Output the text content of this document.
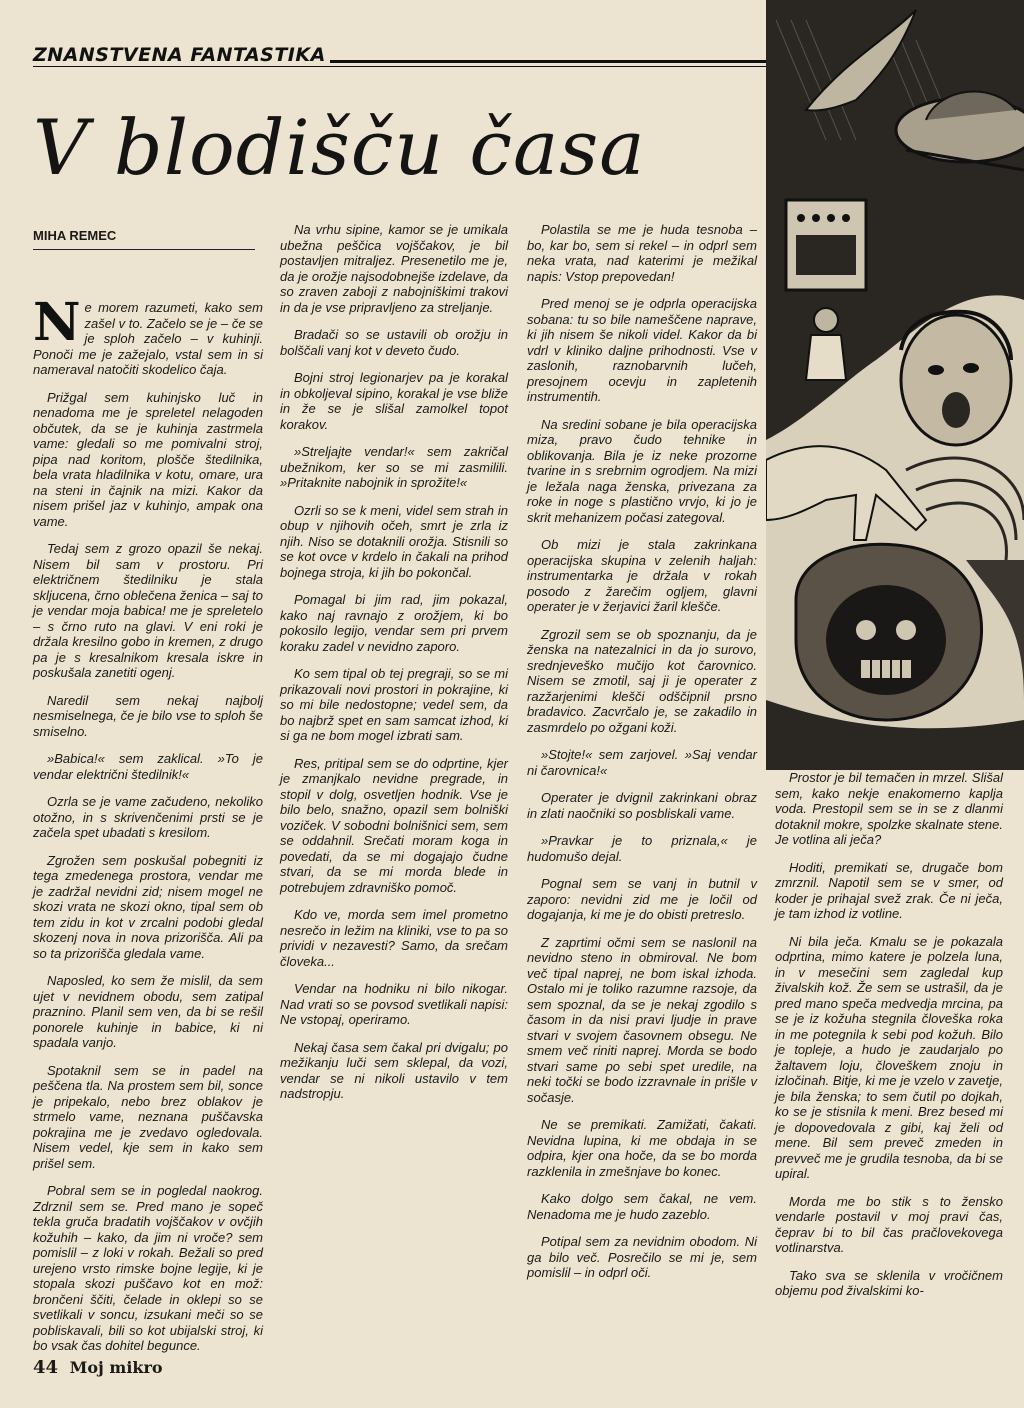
ZNANSTVENA FANTASTIKA
V blodišču časa
MIHA REMEC

Ne morem razumeti, kako sem zašel v to. Začelo se je – če se je sploh začelo – v kuhinji. Ponoči me je zažejalo, vstal sem in si nameraval natočiti skodelico čaja.

Prižgal sem kuhinjsko luč in nenadoma me je spreletel nelagoden občutek, da se je kuhinja zastrmela vame: gledali so me pomivalni stroj, pipa nad koritom, plošče štedilnika, bela vrata hladilnika v kotu, omare, ura na steni in čajnik na mizi. Kakor da nisem prišel jaz v kuhinjo, ampak ona vame.

Tedaj sem z grozo opazil še nekaj. Nisem bil sam v prostoru. Pri električnem štedilniku je stala skljucena, črno oblečena ženica – saj to je vendar moja babica! me je spreletelo – s črno ruto na glavi. V eni roki je držala kresilno gobo in kremen, z drugo pa je s kresalnikom kresala iskre in poskušala zanetiti ogenj.

Naredil sem nekaj najbolj nesmiselnega, če je bilo vse to sploh še smiselno.

»Babica!« sem zaklical. »To je vendar električni štedilnik!«

Ozrla se je vame začudeno, nekoliko otožno, in s skrivenčenimi prsti se je začela spet ubadati s kresilom.

Zgrožen sem poskušal pobegniti iz tega zmedenega prostora, vendar me je zadržal nevidni zid; nisem mogel ne skozi vrata ne skozi okno, tipal sem ob tem zidu in kot v zrcalni podobi gledal skozenj nova in nova prizorišča. Ali pa so ta prizorišča gledala vame.

Naposled, ko sem že mislil, da sem ujet v nevidnem obodu, sem zatipal praznino. Planil sem ven, da bi se rešil ponorele kuhinje in babice, ki ni spadala vanjo.

Spotaknil sem se in padel na peščena tla. Na prostem sem bil, sonce je pripekalo, nebo brez oblakov je strmelo vame, neznana puščavska pokrajina me je zvedavo ogledovala. Nisem vedel, kje sem in kako sem prišel sem.

Pobral sem se in pogledal naokrog. Zdrznil sem se. Pred mano je sopeč tekla gruča bradatih vojščakov v ovčjih kožuhih – kako, da jim ni vroče? sem pomislil – z loki v rokah. Bežali so pred urejeno vrsto rimske bojne legije, ki je stopala skozi puščavo kot en mož: brončeni ščiti, čelade in oklepi so se svetlikali v soncu, izsukani meči so se pobliskavali, bili so kot ubijalski stroj, ki bo vsak čas dohitel begunce.

Na vrhu sipine, kamor se je umikala ubežna peščica vojščakov, je bil postavljen mitraljez. Presenetilo me je, da je orožje najsodobnejše izdelave, da so zraven zaboji z nabojniškimi trakovi in da je vse pripravljeno za streljanje.

Bradači so se ustavili ob orožju in bolščali vanj kot v deveto čudo.

Bojni stroj legionarjev pa je korakal in obkoljeval sipino, korakal je vse bliže in že se je slišal zamolkel topot korakov.

»Streljajte vendar!« sem zakričal ubežnikom, ker so se mi zasmilili. »Pritaknite nabojnik in sprožite!«

Ozrli so se k meni, videl sem strah in obup v njihovih očeh, smrt je zrla iz njih. Niso se dotaknili orožja. Stisnili so se kot ovce v krdelo in čakali na prihod bojnega stroja, ki jih bo pokončal.

Pomagal bi jim rad, jim pokazal, kako naj ravnajo z orožjem, ki bo pokosilo legijo, vendar sem pri prvem koraku zadel v nevidno zaporo.

Ko sem tipal ob tej pregraji, so se mi prikazovali novi prostori in pokrajine, ki so mi bile nedostopne; vedel sem, da bo najbrž spet en sam samcat izhod, ki si ga ne bom mogel izbrati sam.

Res, pritipal sem se do odprtine, kjer je zmanjkalo nevidne pregrade, in stopil v dolg, osvetljen hodnik. Vse je bilo belo, snažno, opazil sem bolniški voziček. V sobodni bolnišnici sem, sem se oddahnil. Srečati moram koga in povedati, da se mi dogajajo čudne stvari, da se mi morda blede in potrebujem zdravniško pomoč.

Kdo ve, morda sem imel prometno nesrečo in ležim na kliniki, vse to pa so prividi v nezavesti? Samo, da srečam človeka...

Vendar na hodniku ni bilo nikogar. Nad vrati so se povsod svetlikali napisi: Ne vstopaj, operiramo.

Nekaj časa sem čakal pri dvigalu; po mežikanju luči sem sklepal, da vozi, vendar se ni nikoli ustavilo v tem nadstropju.

Polastila se me je huda tesnoba – bo, kar bo, sem si rekel – in odprl sem neka vrata, nad katerimi je mežikal napis: Vstop prepovedan!

Pred menoj se je odprla operacijska sobana: tu so bile nameščene naprave, ki jih nisem še nikoli videl. Kakor da bi vdrl v kliniko daljne prihodnosti. Vse v zaslonih, raznobarvnih lučeh, presojnem ocevju in zapletenih instrumentih.

Na sredini sobane je bila operacijska miza, pravo čudo tehnike in oblikovanja. Bila je iz neke prozorne tvarine in s srebrnim ogrodjem. Na mizi je ležala naga ženska, privezana za roke in noge s plastično vrvjo, ki jo je skrit mehanizem počasi zategoval.

Ob mizi je stala zakrinkana operacijska skupina v zelenih haljah: instrumentarka je držala v rokah posodo z žarečim ogljem, glavni operater je v žerjavici žaril klešče.

Zgrozil sem se ob spoznanju, da je ženska na natezalnici in da jo surovo, srednjeveško mučijo kot čarovnico. Nisem se zmotil, saj ji je operater z razžarjenimi klešči odščipnil prsno bradavico. Zacvrčalo je, se zakadilo in zasmrdelo po ožgani koži.

»Stojte!« sem zarjovel. »Saj vendar ni čarovnica!«

Operater je dvignil zakrinkani obraz in zlati naočniki so posbliskali vame.

»Pravkar je to priznala,« je hudomušo dejal.

Pognal sem se vanj in butnil v zaporo: nevidni zid me je ločil od dogajanja, ki me je do obisti pretreslo.

Z zaprtimi očmi sem se naslonil na nevidno steno in obmiroval. Ne bom več tipal naprej, ne bom iskal izhoda. Ostalo mi je toliko razumne razsoje, da sem spoznal, da se je nekaj zgodilo s časom in da nisi pravi ljudje in prave stvari v svojem časovnem obsegu. Ne smem več riniti naprej. Morda se bodo stvari same po sebi spet uredile, na neki točki se bodo izzravnale in prišle v sočasje.

Ne se premikati. Zamižati, čakati. Nevidna lupina, ki me obdaja in se odpira, kjer ona hoče, da se bo morda razklenila in zmešnjave bo konec.

Kako dolgo sem čakal, ne vem. Nenadoma me je hudo zazeblo.

Potipal sem za nevidnim obodom. Ni ga bilo več. Posrečilo se mi je, sem pomislil – in odprl oči.

Prostor je bil temačen in mrzel. Slišal sem, kako nekje enakomerno kaplja voda. Prestopil sem se in se z dlanmi dotaknil mokre, spolzke skalnate stene. Je votlina ali ječa?

Hoditi, premikati se, drugače bom zmrznil. Napotil sem se v smer, od koder je prihajal svež zrak. Če ni ječa, je tam izhod iz votline.

Ni bila ječa. Kmalu se je pokazala odprtina, mimo katere je polzela luna, in v mesečini sem zagledal kup živalskih kož. Že sem se ustrašil, da je pred mano speča medvedja mrcina, pa se je iz kožuha stegnila človeška roka in me potegnila k sebi pod kožuh. Bilo je topleje, a hudo je zaudarjalo po žaltavem loju, človeškem znoju in izločinah. Bitje, ki me je vzelo v zavetje, je bila ženska; to sem čutil po dojkah, ko se je stisnila k meni. Brez besed mi je dopovedovala z gibi, kaj želi od mene. Bil sem preveč zmeden in prevveč me je grudila tesnoba, da bi se upiral.

Morda me bo stik s to žensko vendarle postavil v moj pravi čas, čeprav bi to bil čas pračlovekovega votlinarstva.

Tako sva se sklenila v vročičnem objemu pod živalskimi ko-

44 Moj mikro
